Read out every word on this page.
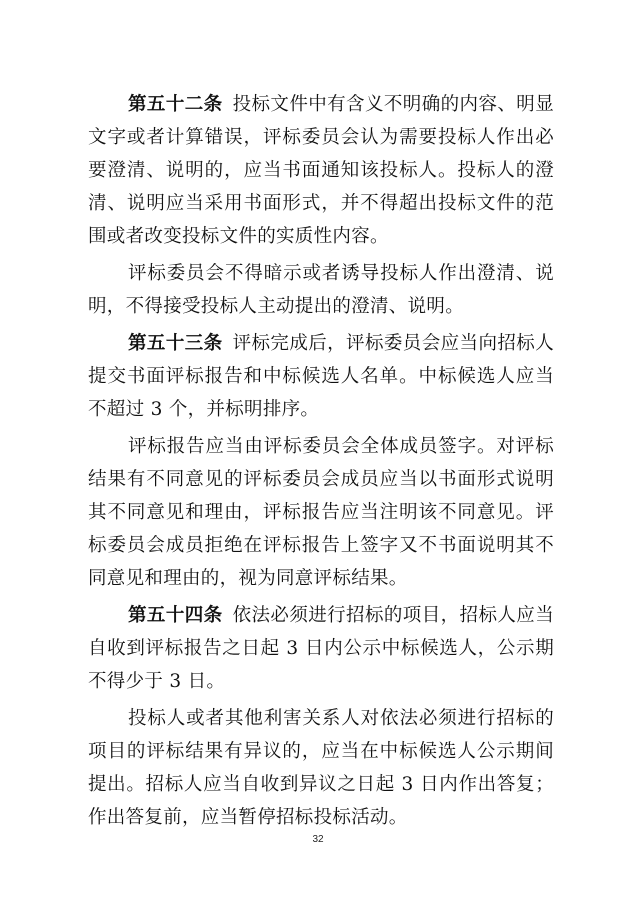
第五十二条 投标文件中有含义不明确的内容、明显文字或者计算错误，评标委员会认为需要投标人作出必要澄清、说明的，应当书面通知该投标人。投标人的澄清、说明应当采用书面形式，并不得超出投标文件的范围或者改变投标文件的实质性内容。

评标委员会不得暗示或者诱导投标人作出澄清、说明，不得接受投标人主动提出的澄清、说明。

第五十三条 评标完成后，评标委员会应当向招标人提交书面评标报告和中标候选人名单。中标候选人应当不超过 3 个，并标明排序。

评标报告应当由评标委员会全体成员签字。对评标结果有不同意见的评标委员会成员应当以书面形式说明其不同意见和理由，评标报告应当注明该不同意见。评标委员会成员拒绝在评标报告上签字又不书面说明其不同意见和理由的，视为同意评标结果。

第五十四条 依法必须进行招标的项目，招标人应当自收到评标报告之日起 3 日内公示中标候选人，公示期不得少于 3 日。

投标人或者其他利害关系人对依法必须进行招标的项目的评标结果有异议的，应当在中标候选人公示期间提出。招标人应当自收到异议之日起 3 日内作出答复；作出答复前，应当暂停招标投标活动。

32
